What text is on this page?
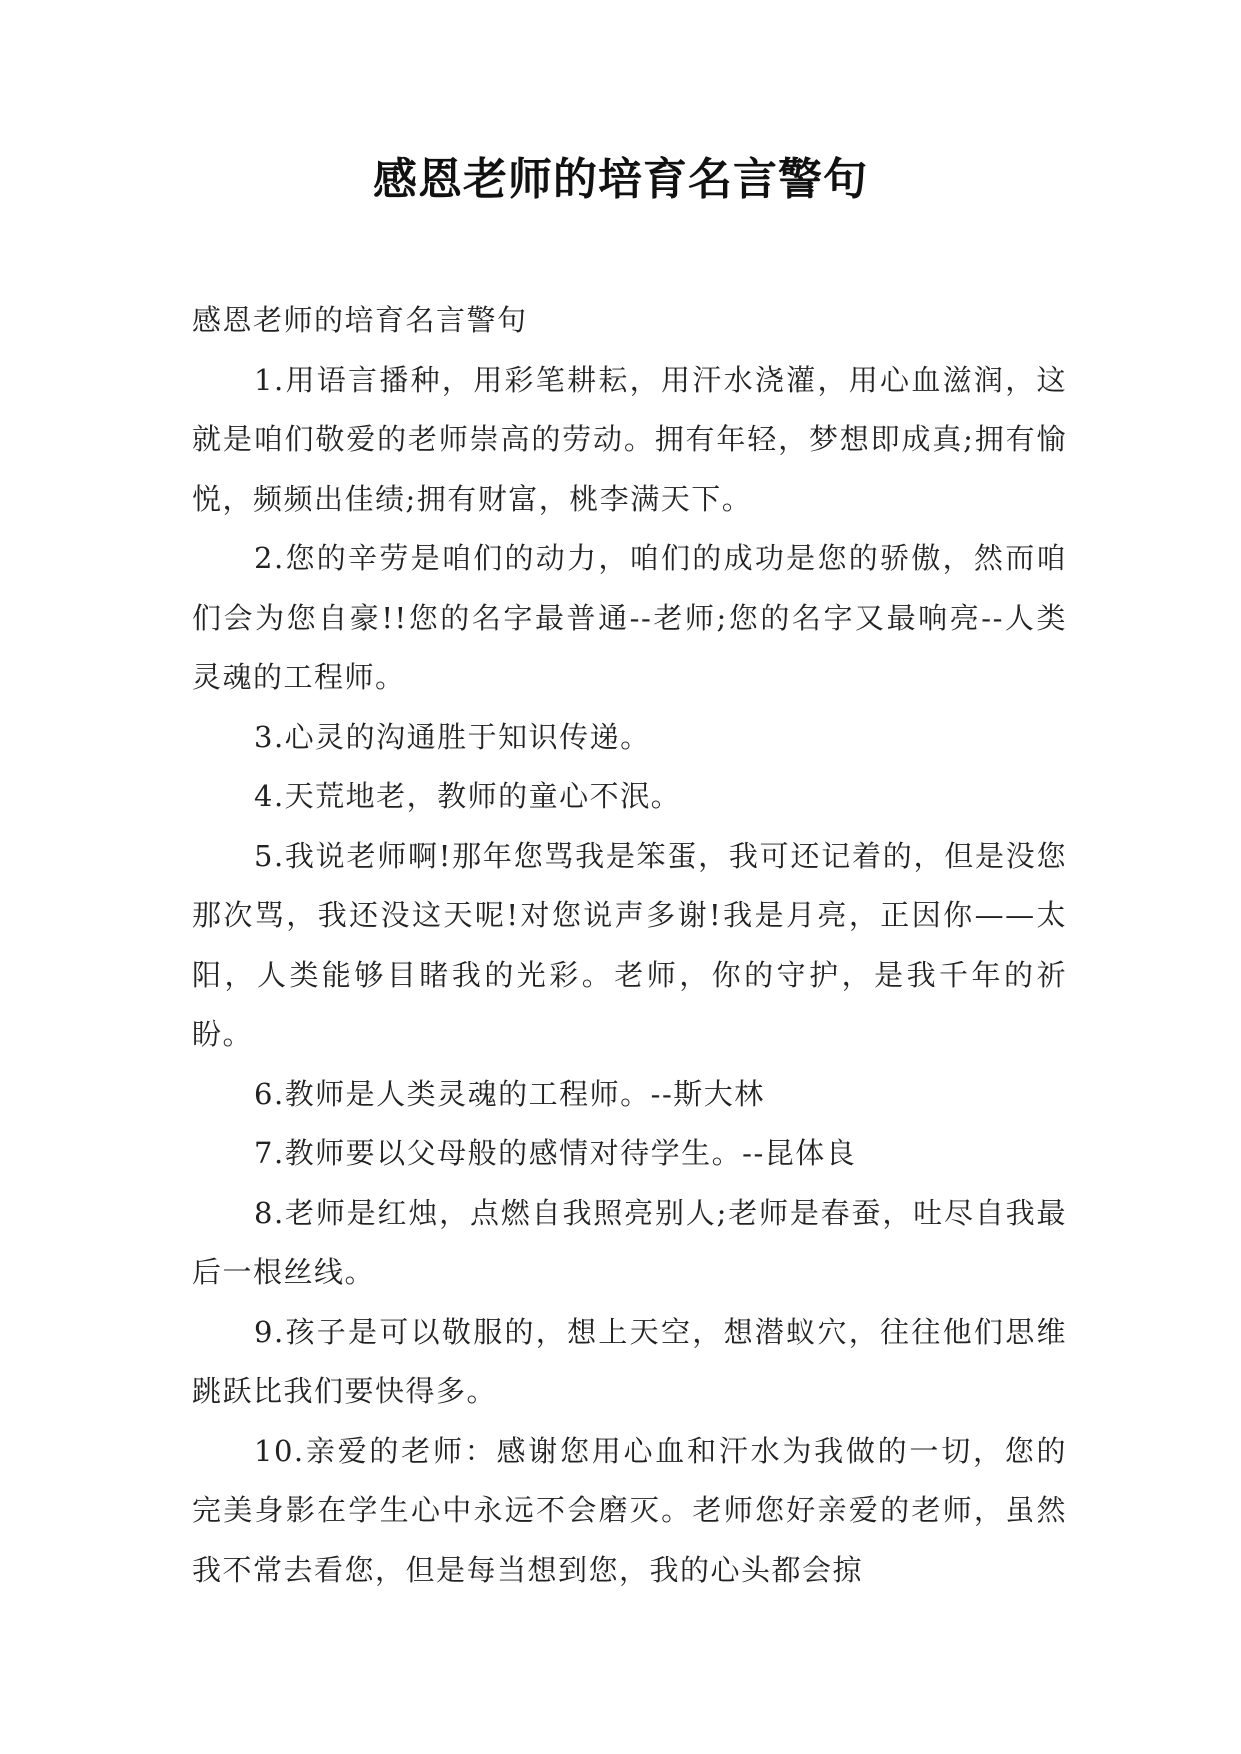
感恩老师的培育名言警句

感恩老师的培育名言警句

1.用语言播种，用彩笔耕耘，用汗水浇灌，用心血滋润，这就是咱们敬爱的老师崇高的劳动。拥有年轻，梦想即成真;拥有愉悦，频频出佳绩;拥有财富，桃李满天下。

2.您的辛劳是咱们的动力，咱们的成功是您的骄傲，然而咱们会为您自豪!!您的名字最普通--老师;您的名字又最响亮--人类灵魂的工程师。

3.心灵的沟通胜于知识传递。

4.天荒地老，教师的童心不泯。

5.我说老师啊!那年您骂我是笨蛋，我可还记着的，但是没您那次骂，我还没这天呢!对您说声多谢!我是月亮，正因你——太阳，人类能够目睹我的光彩。老师，你的守护，是我千年的祈盼。

6.教师是人类灵魂的工程师。--斯大林

7.教师要以父母般的感情对待学生。--昆体良

8.老师是红烛，点燃自我照亮别人;老师是春蚕，吐尽自我最后一根丝线。

9.孩子是可以敬服的，想上天空，想潜蚁穴，往往他们思维跳跃比我们要快得多。

10.亲爱的老师：感谢您用心血和汗水为我做的一切，您的完美身影在学生心中永远不会磨灭。老师您好亲爱的老师，虽然我不常去看您，但是每当想到您，我的心头都会掠
